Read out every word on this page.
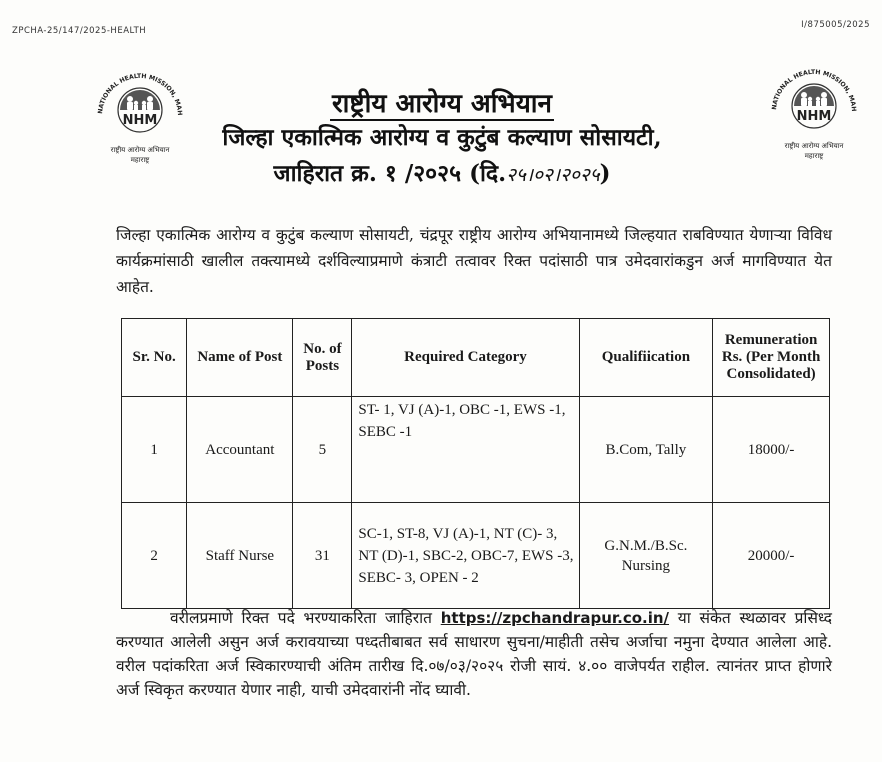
ZPCHA-25/147/2025-HEALTH
I/875005/2025
NATIONAL HEALTH MISSION, MAH
NHM
राष्ट्रीय आरोग्य अभियान
महाराष्ट्र
NATIONAL HEALTH MISSION, MAH
NHM
राष्ट्रीय आरोग्य अभियान
महाराष्ट्र
राष्ट्रीय आरोग्य अभियान
जिल्हा एकात्मिक आरोग्य व कुटुंब कल्याण सोसायटी,
जाहिरात क्र. १ /२०२५ (दि.२५।०२।२०२५)
जिल्हा एकात्मिक आरोग्य व कुटुंब कल्याण सोसायटी, चंद्रपूर राष्ट्रीय आरोग्य अभियानामध्ये जिल्हयात राबविण्यात येणाऱ्या विविध कार्यक्रमांसाठी खालील तक्त्यामध्ये दर्शविल्याप्रमाणे कंत्राटी तत्वावर रिक्त पदांसाठी पात्र उमेदवारांकडुन अर्ज मागविण्यात येत आहेत.
Sr. No.	Name of Post	No. of Posts	Required Category	Qualifiication	Remuneration Rs. (Per Month Consolidated)
1	Accountant	5	ST- 1, VJ (A)-1, OBC -1, EWS -1, SEBC -1	B.Com, Tally	18000/-
2	Staff Nurse	31	SC-1, ST-8, VJ (A)-1, NT (C)- 3, NT (D)-1, SBC-2, OBC-7, EWS -3, SEBC- 3, OPEN - 2	G.N.M./B.Sc. Nursing	20000/-
वरीलप्रमाणे रिक्त पदे भरण्याकरिता जाहिरात https://zpchandrapur.co.in/ या संकेत स्थळावर प्रसिध्द करण्यात आलेली असुन अर्ज करावयाच्या पध्दतीबाबत सर्व साधारण सुचना/माहीती तसेच अर्जाचा नमुना देण्यात आलेला आहे. वरील पदांकरिता अर्ज स्विकारण्याची अंतिम तारीख दि.०७/०३/२०२५ रोजी सायं. ४.०० वाजेपर्यत राहील. त्यानंतर प्राप्त होणारे अर्ज स्विकृत करण्यात येणार नाही, याची उमेदवारांनी नोंद घ्यावी.
